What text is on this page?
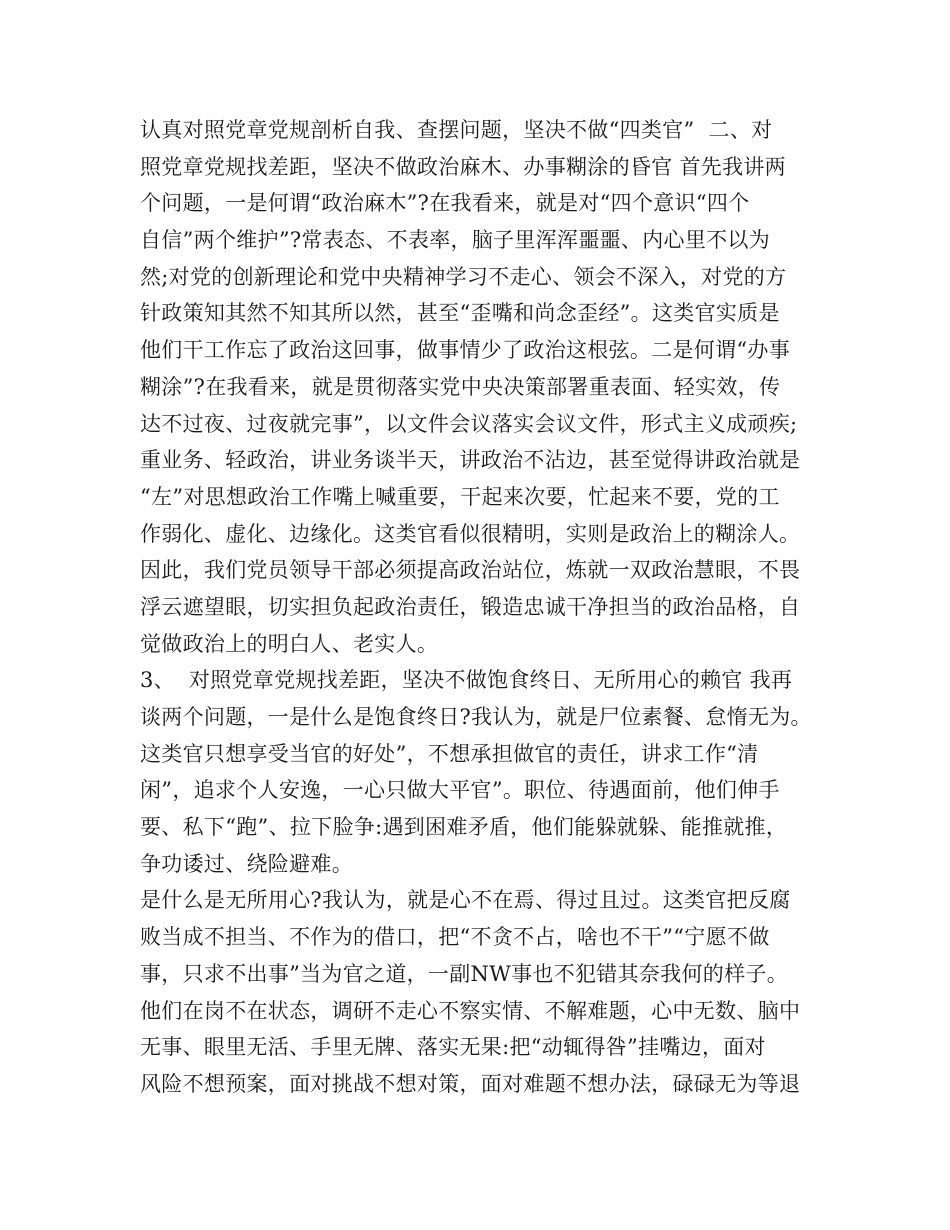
认真对照党章党规剖析自我、查摆问题，坚决不做“四类官”  二、对
照党章党规找差距，坚决不做政治麻木、办事糊涂的昏官 首先我讲两
个问题，一是何谓“政治麻木”?在我看来，就是对“四个意识“四个
自信”两个维护”?常表态、不表率，脑子里浑浑噩噩、内心里不以为
然;对党的创新理论和党中央精神学习不走心、领会不深入，对党的方
针政策知其然不知其所以然，甚至“歪嘴和尚念歪经”。这类官实质是
他们干工作忘了政治这回事，做事情少了政治这根弦。二是何谓“办事
糊涂”?在我看来，就是贯彻落实党中央决策部署重表面、轻实效，传
达不过夜、过夜就完事”，以文件会议落实会议文件，形式主义成顽疾;
重业务、轻政治，讲业务谈半天，讲政治不沾边，甚至觉得讲政治就是
“左”对思想政治工作嘴上喊重要，干起来次要，忙起来不要，党的工
作弱化、虚化、边缘化。这类官看似很精明，实则是政治上的糊涂人。
因此，我们党员领导干部必须提高政治站位，炼就一双政治慧眼，不畏
浮云遮望眼，切实担负起政治责任，锻造忠诚干净担当的政治品格，自
觉做政治上的明白人、老实人。
3、  对照党章党规找差距，坚决不做饱食终日、无所用心的赖官 我再
谈两个问题，一是什么是饱食终日?我认为，就是尸位素餐、怠惰无为。
这类官只想享受当官的好处”，不想承担做官的责任，讲求工作“清
闲”，追求个人安逸，一心只做大平官”。职位、待遇面前，他们伸手
要、私下“跑”、拉下脸争:遇到困难矛盾，他们能躲就躲、能推就推，
争功诿过、绕险避难。
是什么是无所用心?我认为，就是心不在焉、得过且过。这类官把反腐
败当成不担当、不作为的借口，把“不贪不占，啥也不干”“宁愿不做
事，只求不出事”当为官之道，一副NW事也不犯错其奈我何的样子。
他们在岗不在状态，调研不走心不察实情、不解难题，心中无数、脑中
无事、眼里无活、手里无牌、落实无果:把“动辄得咎”挂嘴边，面对
风险不想预案，面对挑战不想对策，面对难题不想办法，碌碌无为等退
